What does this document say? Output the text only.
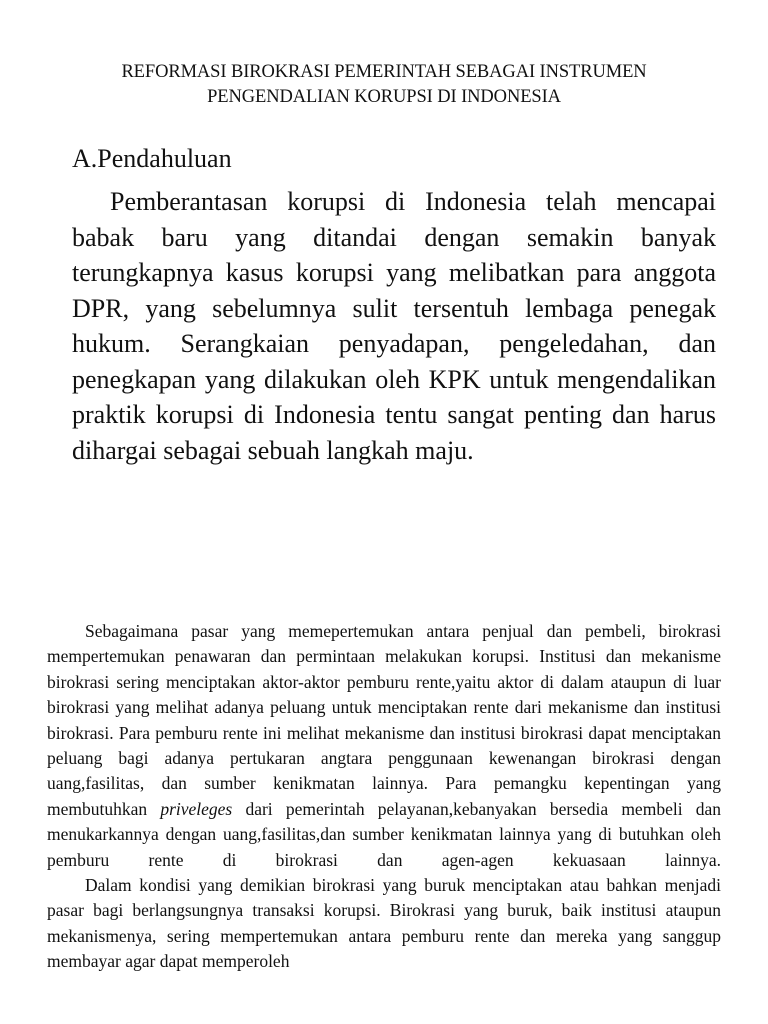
REFORMASI BIROKRASI PEMERINTAH SEBAGAI INSTRUMEN
PENGENDALIAN KORUPSI DI INDONESIA
A.Pendahuluan

Pemberantasan korupsi di Indonesia telah mencapai babak baru yang ditandai dengan semakin banyak terungkapnya kasus korupsi yang melibatkan para anggota DPR, yang sebelumnya sulit tersentuh lembaga penegak hukum. Serangkaian penyadapan, pengeledahan, dan penegkapan yang dilakukan oleh KPK untuk mengendalikan praktik korupsi di Indonesia tentu sangat penting dan harus dihargai sebagai sebuah langkah maju.

Sebagaimana pasar yang memepertemukan antara penjual dan pembeli, birokrasi mempertemukan penawaran dan permintaan melakukan korupsi. Institusi dan mekanisme birokrasi sering menciptakan aktor-aktor pemburu rente,yaitu aktor di dalam ataupun di luar birokrasi yang melihat adanya peluang untuk menciptakan rente dari mekanisme dan institusi birokrasi. Para pemburu rente ini melihat mekanisme dan institusi birokrasi dapat menciptakan peluang bagi adanya pertukaran angtara penggunaan kewenangan birokrasi dengan uang,fasilitas, dan sumber kenikmatan lainnya. Para pemangku kepentingan yang membutuhkan priveleges dari pemerintah pelayanan,kebanyakan bersedia membeli dan menukarkannya dengan uang,fasilitas,dan sumber kenikmatan lainnya yang di butuhkan oleh pemburu rente di birokrasi dan agen-agen kekuasaan lainnya.

Dalam kondisi yang demikian birokrasi yang buruk menciptakan atau bahkan menjadi pasar bagi berlangsungnya transaksi korupsi. Birokrasi yang buruk, baik institusi ataupun mekanismenya, sering mempertemukan antara pemburu rente dan mereka yang sanggup membayar agar dapat memperoleh
